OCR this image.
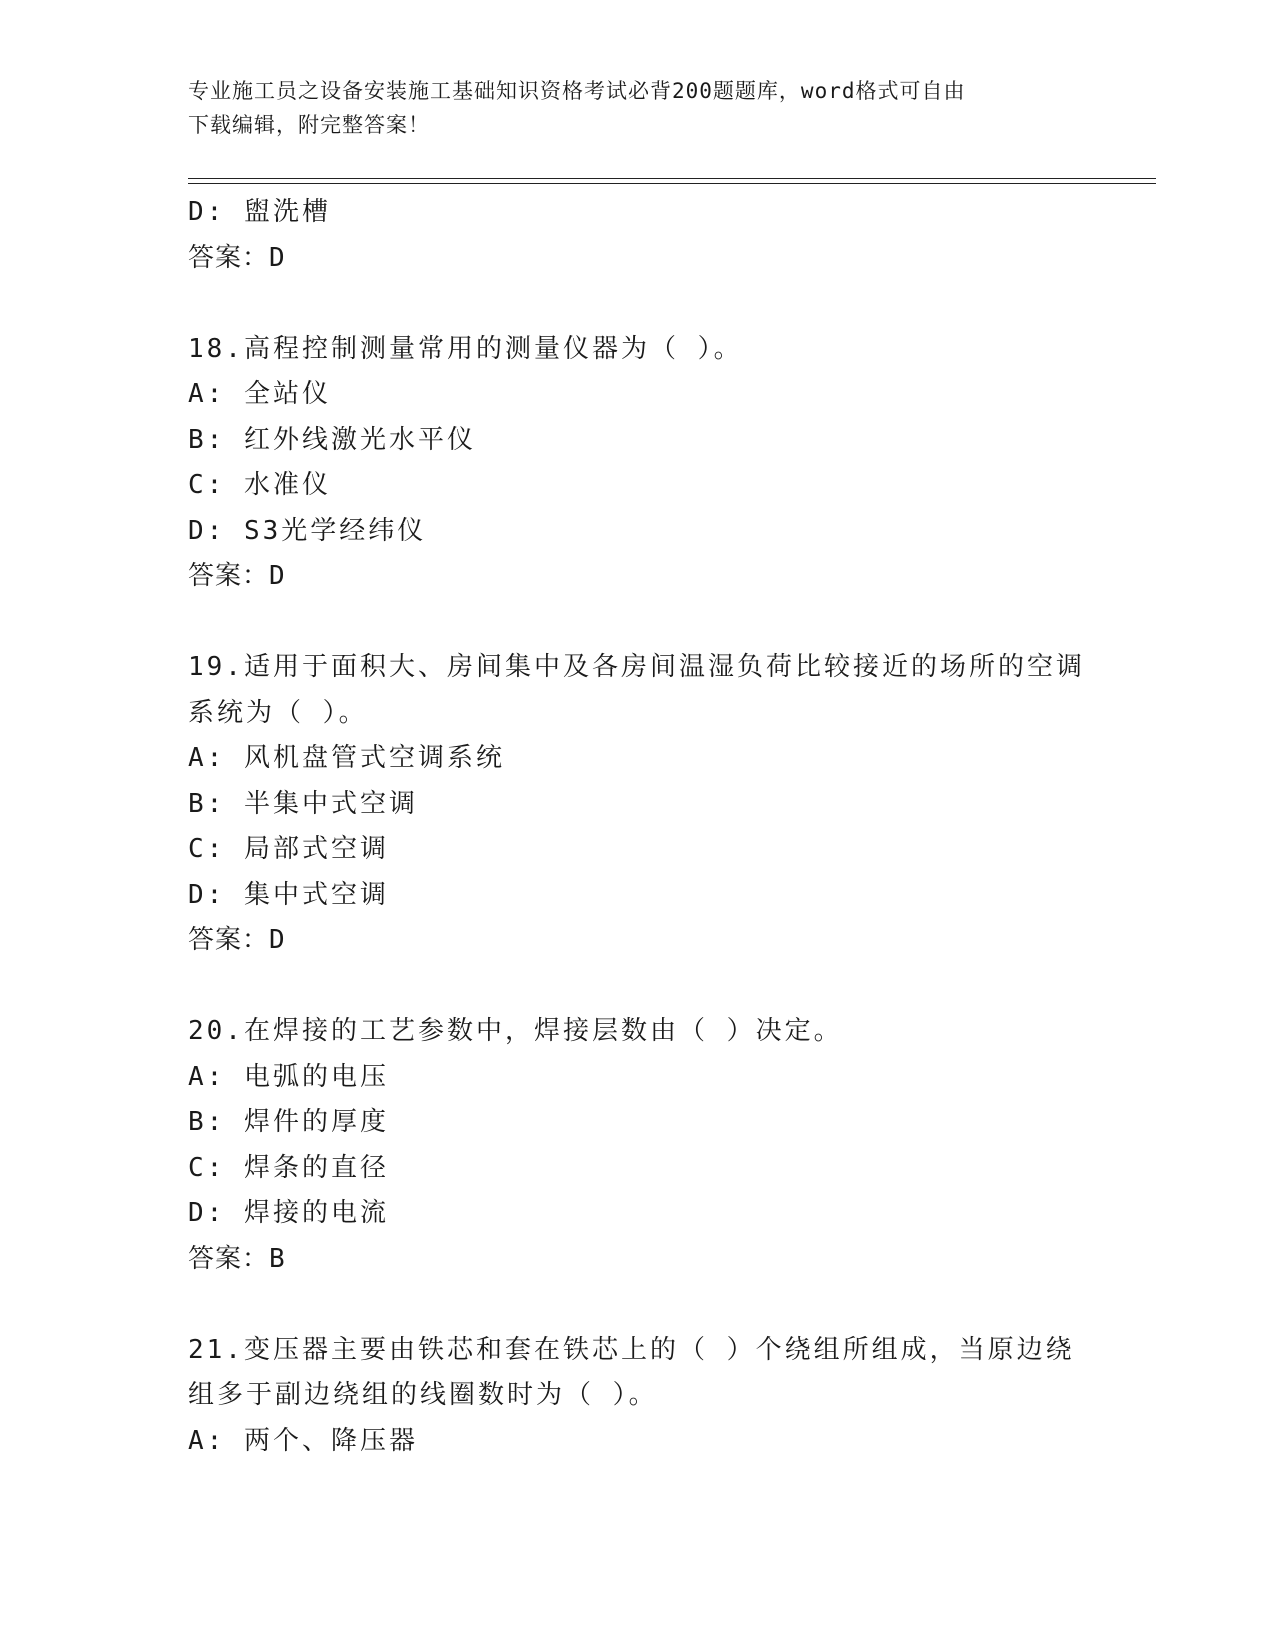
专业施工员之设备安装施工基础知识资格考试必背200题题库，word格式可自由
下载编辑，附完整答案！
D: 盥洗槽
答案：D
18.高程控制测量常用的测量仪器为（ ）。
A: 全站仪
B: 红外线激光水平仪
C: 水准仪
D: S3光学经纬仪
答案：D
19.适用于面积大、房间集中及各房间温湿负荷比较接近的场所的空调
系统为（ ）。
A: 风机盘管式空调系统
B: 半集中式空调
C: 局部式空调
D: 集中式空调
答案：D
20.在焊接的工艺参数中，焊接层数由（ ）决定。
A: 电弧的电压
B: 焊件的厚度
C: 焊条的直径
D: 焊接的电流
答案：B
21.变压器主要由铁芯和套在铁芯上的（ ）个绕组所组成，当原边绕
组多于副边绕组的线圈数时为（ ）。
A: 两个、降压器
